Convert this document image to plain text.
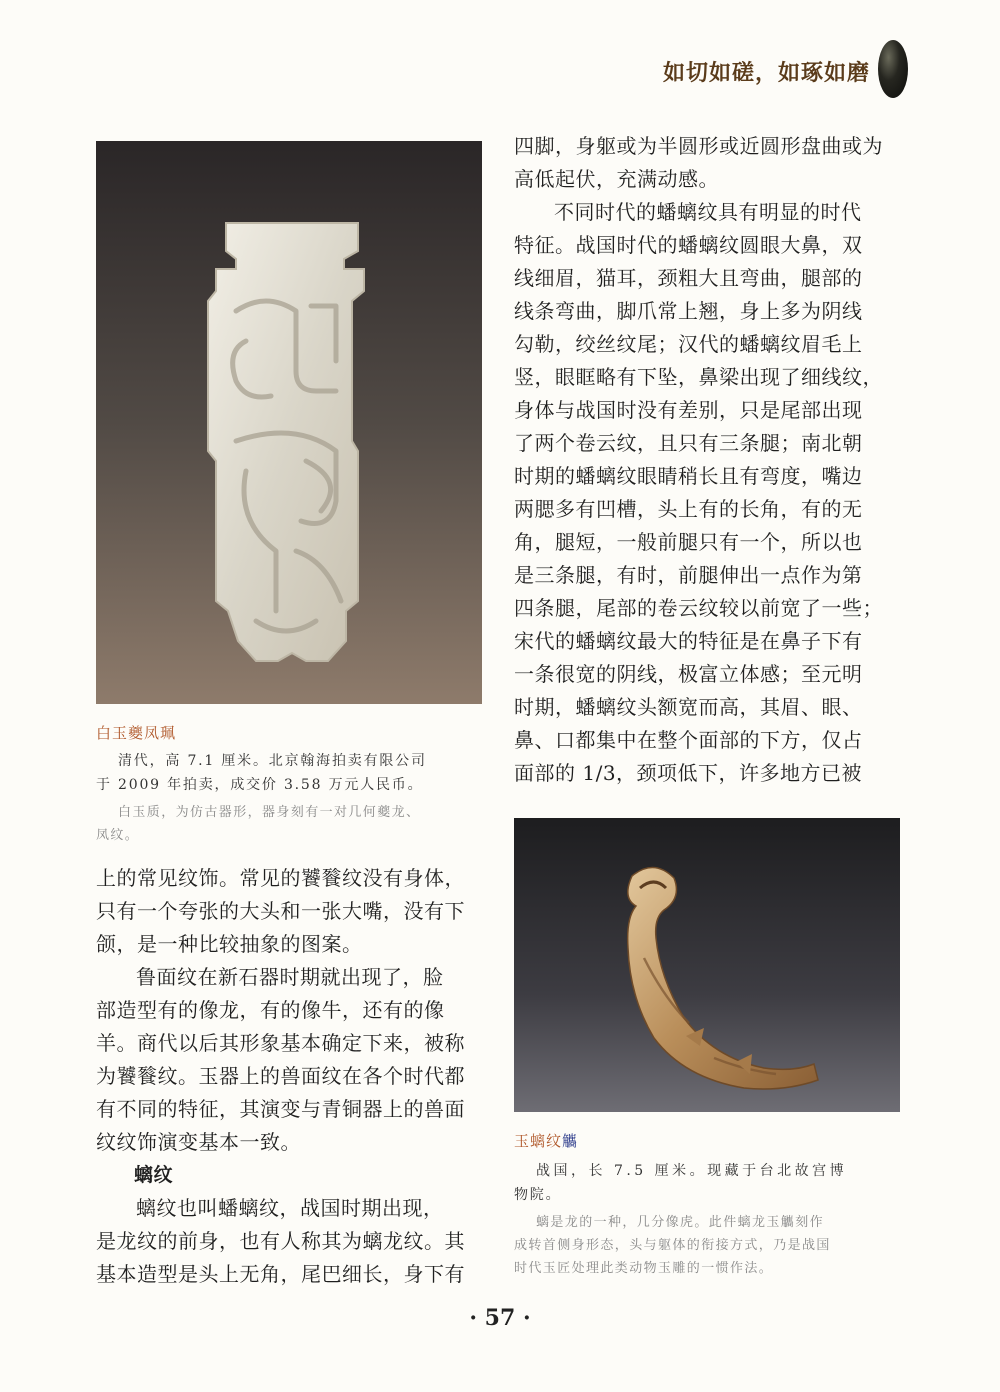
如切如磋，如琢如磨
白玉夔凤珮
清代，高 7.1 厘米。北京翰海拍卖有限公司
于 2009 年拍卖，成交价 3.58 万元人民币。
白玉质，为仿古器形，器身刻有一对几何夔龙、
凤纹。

上的常见纹饰。常见的饕餮纹没有身体，

只有一个夸张的大头和一张大嘴，没有下

颌，是一种比较抽象的图案。

鲁面纹在新石器时期就出现了，脸

部造型有的像龙，有的像牛，还有的像

羊。商代以后其形象基本确定下来，被称

为饕餮纹。玉器上的兽面纹在各个时代都

有不同的特征，其演变与青铜器上的兽面

纹纹饰演变基本一致。

螭纹

螭纹也叫蟠螭纹，战国时期出现，

是龙纹的前身，也有人称其为螭龙纹。其

基本造型是头上无角，尾巴细长，身下有

四脚，身躯或为半圆形或近圆形盘曲或为

高低起伏，充满动感。

不同时代的蟠螭纹具有明显的时代

特征。战国时代的蟠螭纹圆眼大鼻，双

线细眉，猫耳，颈粗大且弯曲，腿部的

线条弯曲，脚爪常上翘，身上多为阴线

勾勒，绞丝纹尾；汉代的蟠螭纹眉毛上

竖，眼眶略有下坠，鼻梁出现了细线纹，

身体与战国时没有差别，只是尾部出现

了两个卷云纹，且只有三条腿；南北朝

时期的蟠螭纹眼睛稍长且有弯度，嘴边

两腮多有凹槽，头上有的长角，有的无

角，腿短，一般前腿只有一个，所以也

是三条腿，有时，前腿伸出一点作为第

四条腿，尾部的卷云纹较以前宽了一些；

宋代的蟠螭纹最大的特征是在鼻子下有

一条很宽的阴线，极富立体感；至元明

时期，蟠螭纹头额宽而高，其眉、眼、

鼻、口都集中在整个面部的下方，仅占

面部的 1/3，颈项低下，许多地方已被

玉螭纹觿
战国，长 7.5 厘米。现藏于台北故宫博
物院。
螭是龙的一种，几分像虎。此件螭龙玉觿刻作
成转首侧身形态，头与躯体的衔接方式，乃是战国
时代玉匠处理此类动物玉雕的一惯作法。
· 57 ·
